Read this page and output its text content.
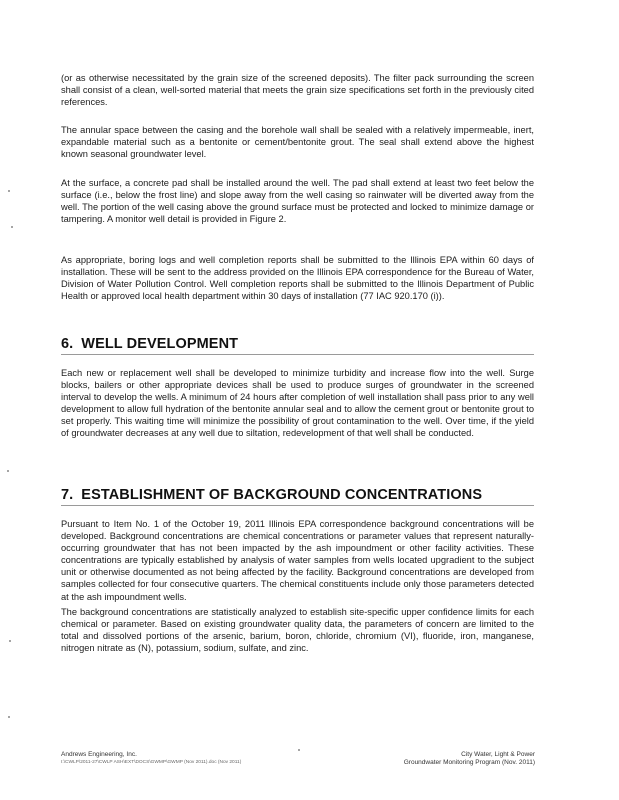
(or as otherwise necessitated by the grain size of the screened deposits). The filter pack surrounding the screen shall consist of a clean, well-sorted material that meets the grain size specifications set forth in the previously cited references.

The annular space between the casing and the borehole wall shall be sealed with a relatively impermeable, inert, expandable material such as a bentonite or cement/bentonite grout. The seal shall extend above the highest known seasonal groundwater level.

At the surface, a concrete pad shall be installed around the well. The pad shall extend at least two feet below the surface (i.e., below the frost line) and slope away from the well casing so rainwater will be diverted away from the well. The portion of the well casing above the ground surface must be protected and locked to minimize damage or tampering. A monitor well detail is provided in Figure 2.

As appropriate, boring logs and well completion reports shall be submitted to the Illinois EPA within 60 days of installation. These will be sent to the address provided on the Illinois EPA correspondence for the Bureau of Water, Division of Water Pollution Control. Well completion reports shall be submitted to the Illinois Department of Public Health or approved local health department within 30 days of installation (77 IAC 920.170 (i)).

6. WELL DEVELOPMENT

Each new or replacement well shall be developed to minimize turbidity and increase flow into the well. Surge blocks, bailers or other appropriate devices shall be used to produce surges of groundwater in the screened interval to develop the wells. A minimum of 24 hours after completion of well installation shall pass prior to any well development to allow full hydration of the bentonite annular seal and to allow the cement grout or bentonite grout to set properly. This waiting time will minimize the possibility of grout contamination to the well. Over time, if the yield of groundwater decreases at any well due to siltation, redevelopment of that well shall be conducted.

7. ESTABLISHMENT OF BACKGROUND CONCENTRATIONS

Pursuant to Item No. 1 of the October 19, 2011 Illinois EPA correspondence background concentrations will be developed. Background concentrations are chemical concentrations or parameter values that represent naturally-occurring groundwater that has not been impacted by the ash impoundment or other facility activities. These concentrations are typically established by analysis of water samples from wells located upgradient to the subject unit or otherwise documented as not being affected by the facility. Background concentrations are developed from samples collected for four consecutive quarters. The chemical constituents include only those parameters detected at the ash impoundment wells.

The background concentrations are statistically analyzed to establish site-specific upper confidence limits for each chemical or parameter. Based on existing groundwater quality data, the parameters of concern are limited to the total and dissolved portions of the arsenic, barium, boron, chloride, chromium (VI), fluoride, iron, manganese, nitrogen nitrate as (N), potassium, sodium, sulfate, and zinc.

Andrews Engineering, Inc.
I:\CWLP\2011-27\CWLP ASH\EXT\DOCS\GWMP\GWMP (Nov 2011).doc (Nov 2011)
City Water, Light & Power
Groundwater Monitoring Program (Nov. 2011)
